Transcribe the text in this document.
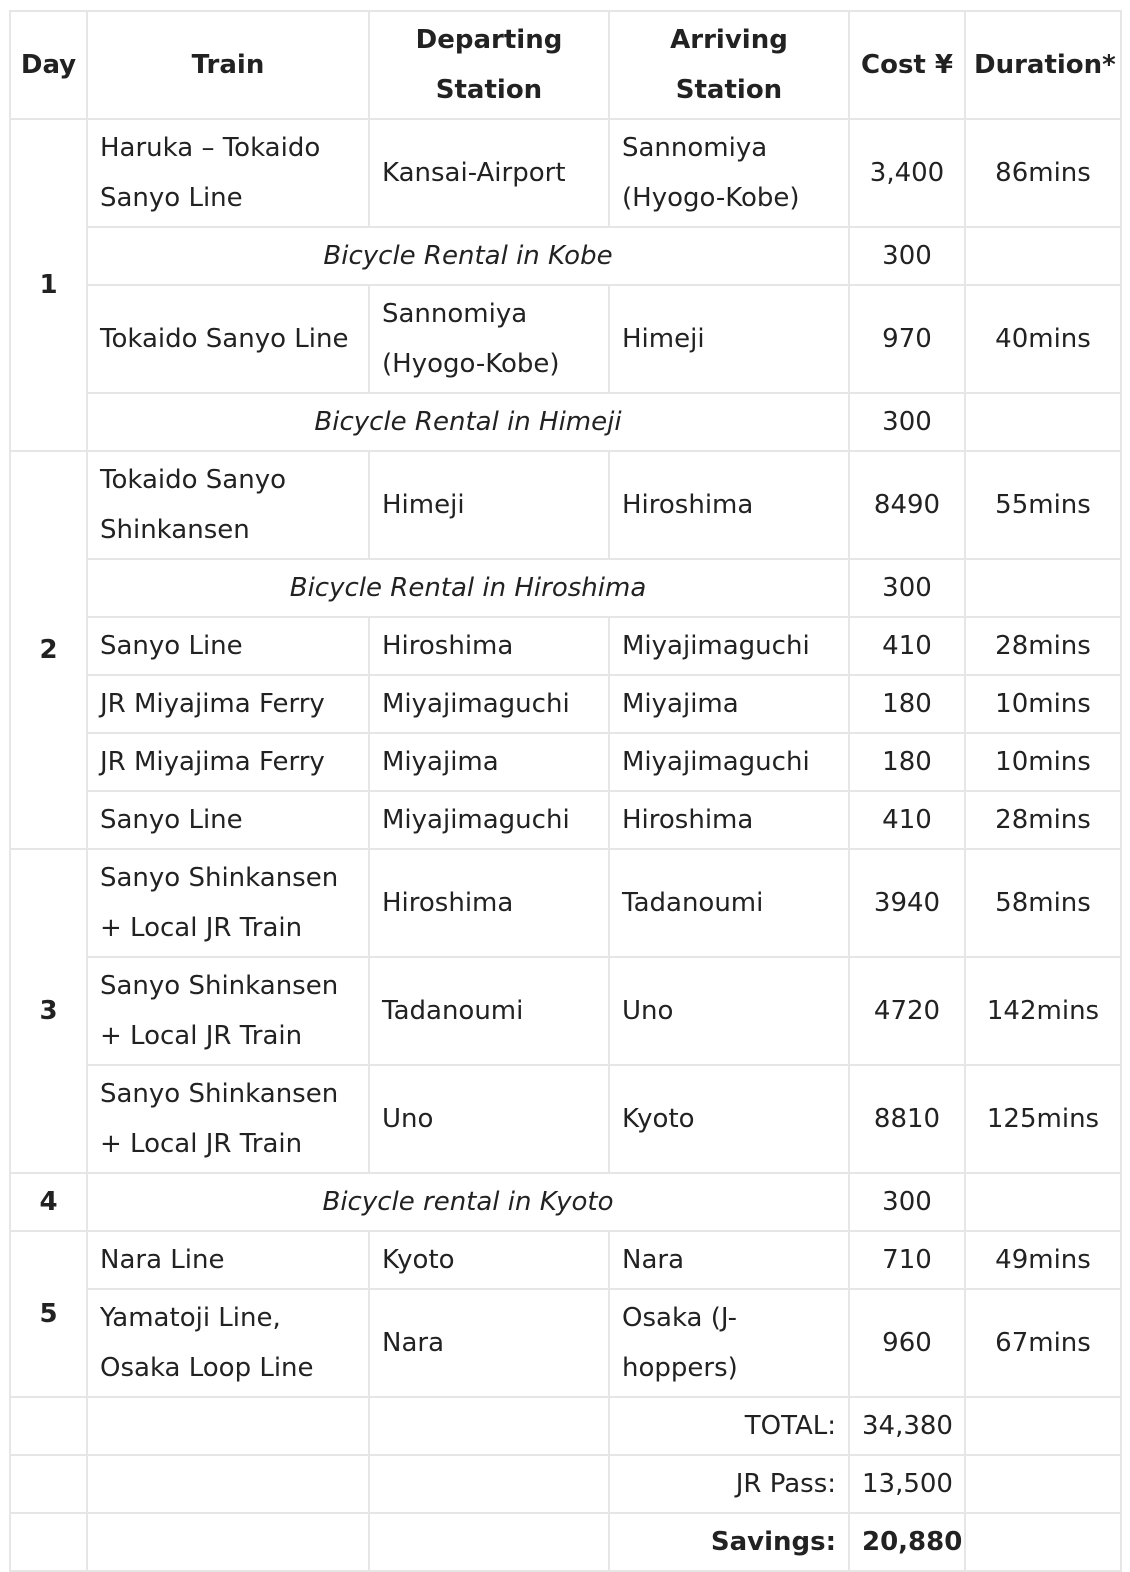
Day	Train	Departing Station	Arriving Station	Cost ¥	Duration*
1	Haruka – Tokaido Sanyo Line	Kansai-Airport	Sannomiya (Hyogo-Kobe)	3,400	86mins
	Bicycle Rental in Kobe			300	
	Tokaido Sanyo Line	Sannomiya (Hyogo-Kobe)	Himeji	970	40mins
	Bicycle Rental in Himeji			300	
2	Tokaido Sanyo Shinkansen	Himeji	Hiroshima	8490	55mins
	Bicycle Rental in Hiroshima			300	
	Sanyo Line	Hiroshima	Miyajimaguchi	410	28mins
	JR Miyajima Ferry	Miyajimaguchi	Miyajima	180	10mins
	JR Miyajima Ferry	Miyajima	Miyajimaguchi	180	10mins
	Sanyo Line	Miyajimaguchi	Hiroshima	410	28mins
3	Sanyo Shinkansen + Local JR Train	Hiroshima	Tadanoumi	3940	58mins
	Sanyo Shinkansen + Local JR Train	Tadanoumi	Uno	4720	142mins
	Sanyo Shinkansen + Local JR Train	Uno	Kyoto	8810	125mins
4	Bicycle rental in Kyoto			300	
5	Nara Line	Kyoto	Nara	710	49mins
	Yamatoji Line, Osaka Loop Line	Nara	Osaka (J-hoppers)	960	67mins
			TOTAL:	34,380	
			JR Pass:	13,500	
			Savings:	20,880	
